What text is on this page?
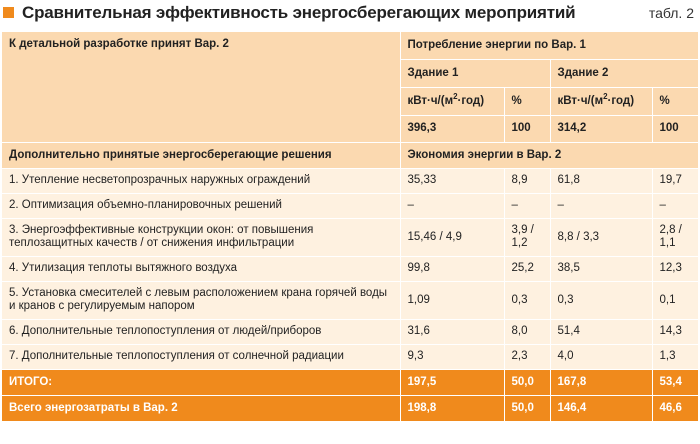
Сравнительная эффективность энергосберегающих мероприятий	табл. 2
К детальной разработке принят Вар. 2	Потребление энергии по Вар. 1			
	Здание 1		Здание 2	
	$кВт\cdot ч/(м^2\cdot год)$	%	$кВт\cdot ч/(м^2\cdot год)$	%
	396,3	100	314,2	100
Дополнительно принятые энергосберегающие решения	Экономия энергии в Вар. 2			
1. Утепление несветопрозрачных наружных ограждений	35,33	8,9	61,8	19,7
2. Оптимизация объемно-планировочных решений	–	–	–	–
3. Энергоэффективные конструкции окон: от повышения теплозащитных качеств / от снижения инфильтрации	15,46 / 4,9	3,9 / 1,2	8,8 / 3,3	2,8 / 1,1
4. Утилизация теплоты вытяжного воздуха	99,8	25,2	38,5	12,3
5. Установка смесителей с левым расположением крана горячей воды и кранов с регулируемым напором	1,09	0,3	0,3	0,1
6. Дополнительные теплопоступления от людей/приборов	31,6	8,0	51,4	14,3
7. Дополнительные теплопоступления от солнечной радиации	9,3	2,3	4,0	1,3
ИТОГО:	197,5	50,0	167,8	53,4
Всего энергозатраты в Вар. 2	198,8	50,0	146,4	46,6
